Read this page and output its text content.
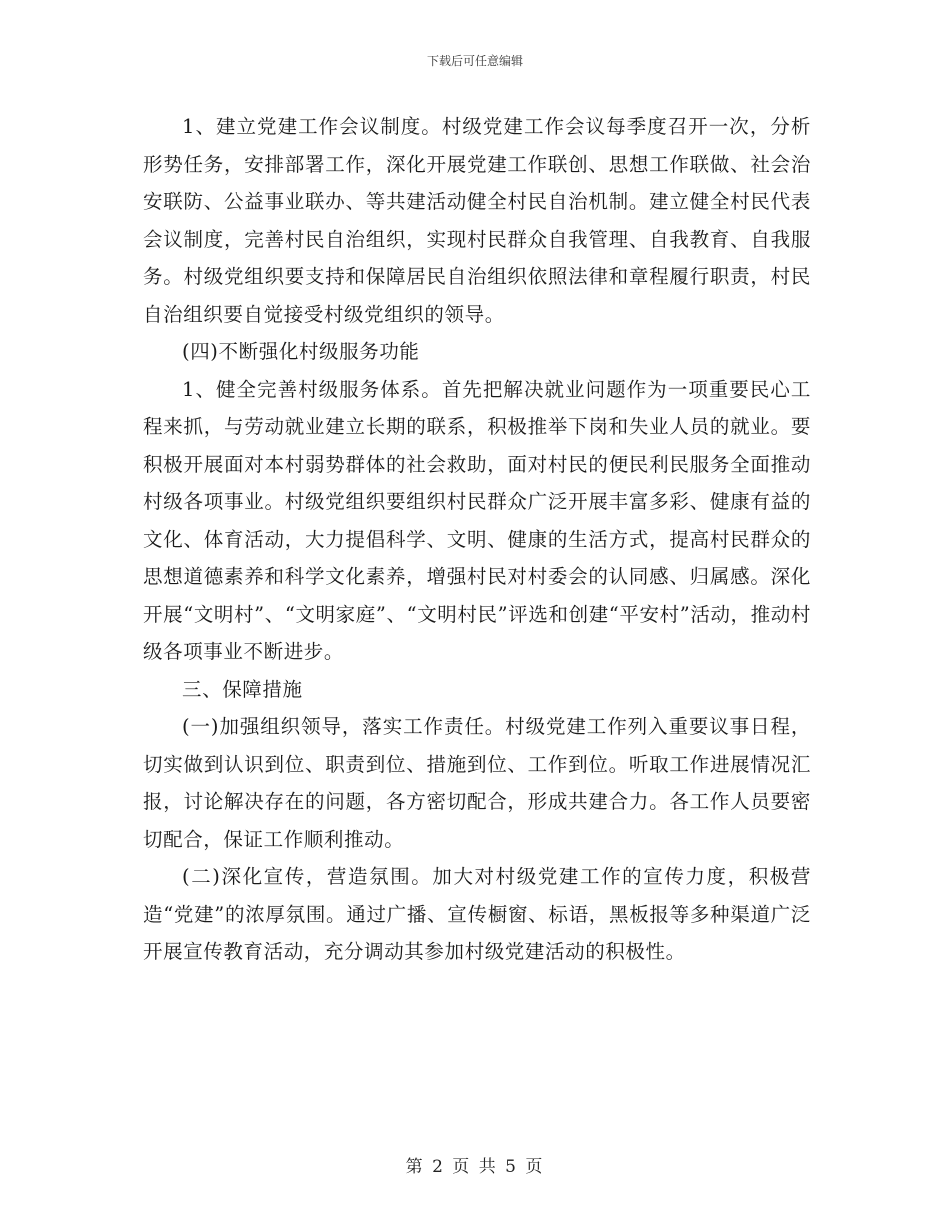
下载后可任意编辑

1、建立党建工作会议制度。村级党建工作会议每季度召开一次，分析形势任务，安排部署工作，深化开展党建工作联创、思想工作联做、社会治安联防、公益事业联办、等共建活动健全村民自治机制。建立健全村民代表会议制度，完善村民自治组织，实现村民群众自我管理、自我教育、自我服务。村级党组织要支持和保障居民自治组织依照法律和章程履行职责，村民自治组织要自觉接受村级党组织的领导。

(四)不断强化村级服务功能

1、健全完善村级服务体系。首先把解决就业问题作为一项重要民心工程来抓，与劳动就业建立长期的联系，积极推举下岗和失业人员的就业。要积极开展面对本村弱势群体的社会救助，面对村民的便民利民服务全面推动村级各项事业。村级党组织要组织村民群众广泛开展丰富多彩、健康有益的文化、体育活动，大力提倡科学、文明、健康的生活方式，提高村民群众的思想道德素养和科学文化素养，增强村民对村委会的认同感、归属感。深化开展“文明村”、“文明家庭”、“文明村民”评选和创建“平安村”活动，推动村级各项事业不断进步。

三、保障措施

(一)加强组织领导，落实工作责任。村级党建工作列入重要议事日程，切实做到认识到位、职责到位、措施到位、工作到位。听取工作进展情况汇报，讨论解决存在的问题，各方密切配合，形成共建合力。各工作人员要密切配合，保证工作顺利推动。

(二)深化宣传，营造氛围。加大对村级党建工作的宣传力度，积极营造“党建”的浓厚氛围。通过广播、宣传橱窗、标语，黑板报等多种渠道广泛开展宣传教育活动，充分调动其参加村级党建活动的积极性。

第 2 页 共 5 页
